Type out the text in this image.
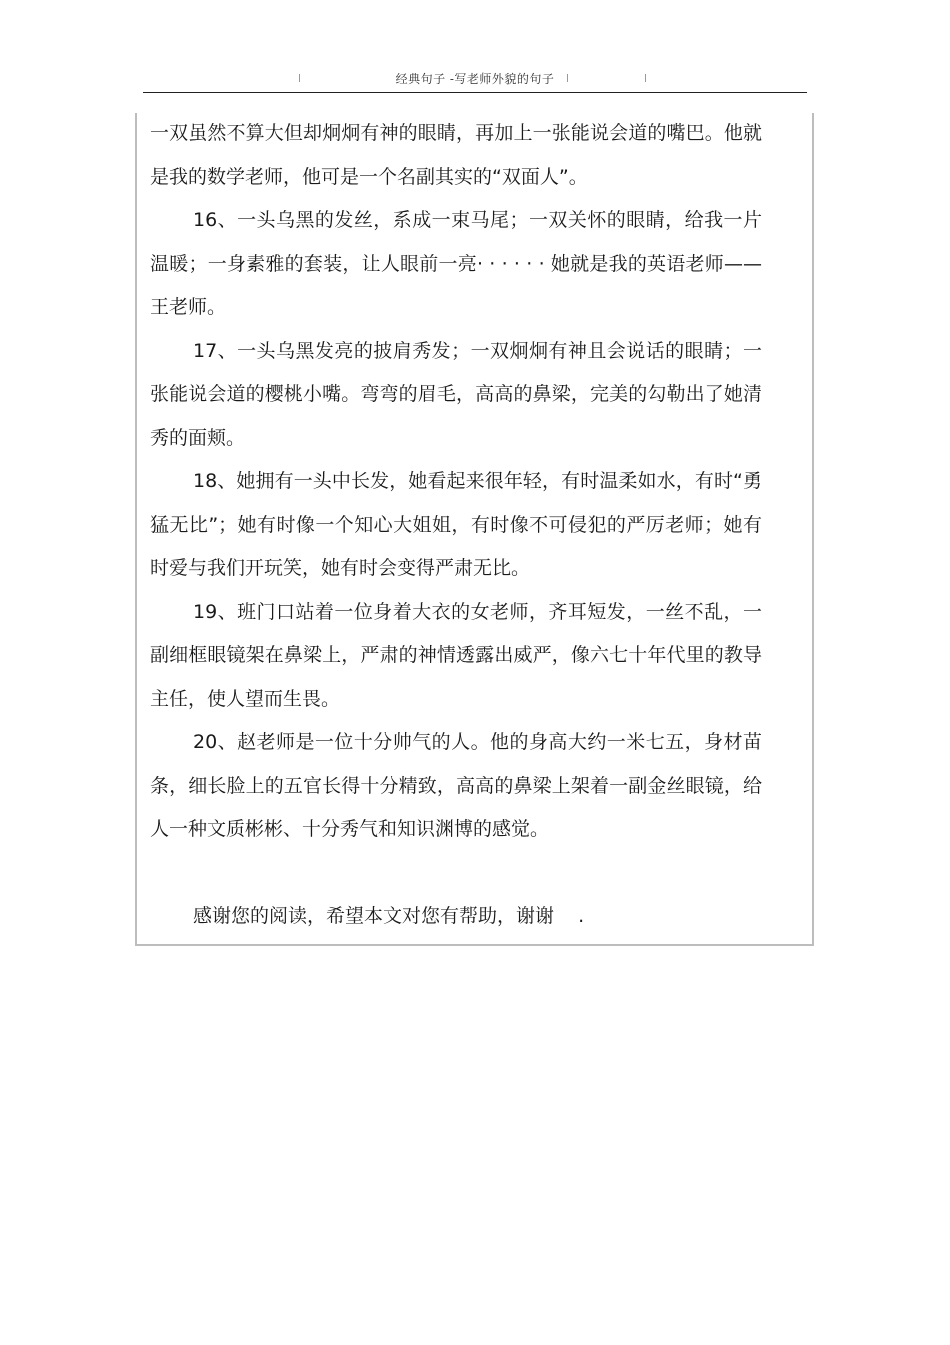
经典句子 -写老师外貌的句子

一双虽然不算大但却炯炯有神的眼睛，再加上一张能说会道的嘴巴。他就是我的数学老师，他可是一个名副其实的“双面人”。

16、一头乌黑的发丝，系成一束马尾；一双关怀的眼睛，给我一片温暖；一身素雅的套装，让人眼前一亮· · · · · · 她就是我的英语老师——王老师。

17、一头乌黑发亮的披肩秀发；一双炯炯有神且会说话的眼睛；一张能说会道的樱桃小嘴。弯弯的眉毛，高高的鼻梁，完美的勾勒出了她清秀的面颊。

18、她拥有一头中长发，她看起来很年轻，有时温柔如水，有时“勇猛无比”；她有时像一个知心大姐姐，有时像不可侵犯的严厉老师；她有时爱与我们开玩笑，她有时会变得严肃无比。

19、班门口站着一位身着大衣的女老师，齐耳短发，一丝不乱，一副细框眼镜架在鼻梁上，严肃的神情透露出威严，像六七十年代里的教导主任，使人望而生畏。

20、赵老师是一位十分帅气的人。他的身高大约一米七五，身材苗条，细长脸上的五官长得十分精致，高高的鼻梁上架着一副金丝眼镜，给人一种文质彬彬、十分秀气和知识渊博的感觉。

感谢您的阅读，希望本文对您有帮助，谢谢    .
